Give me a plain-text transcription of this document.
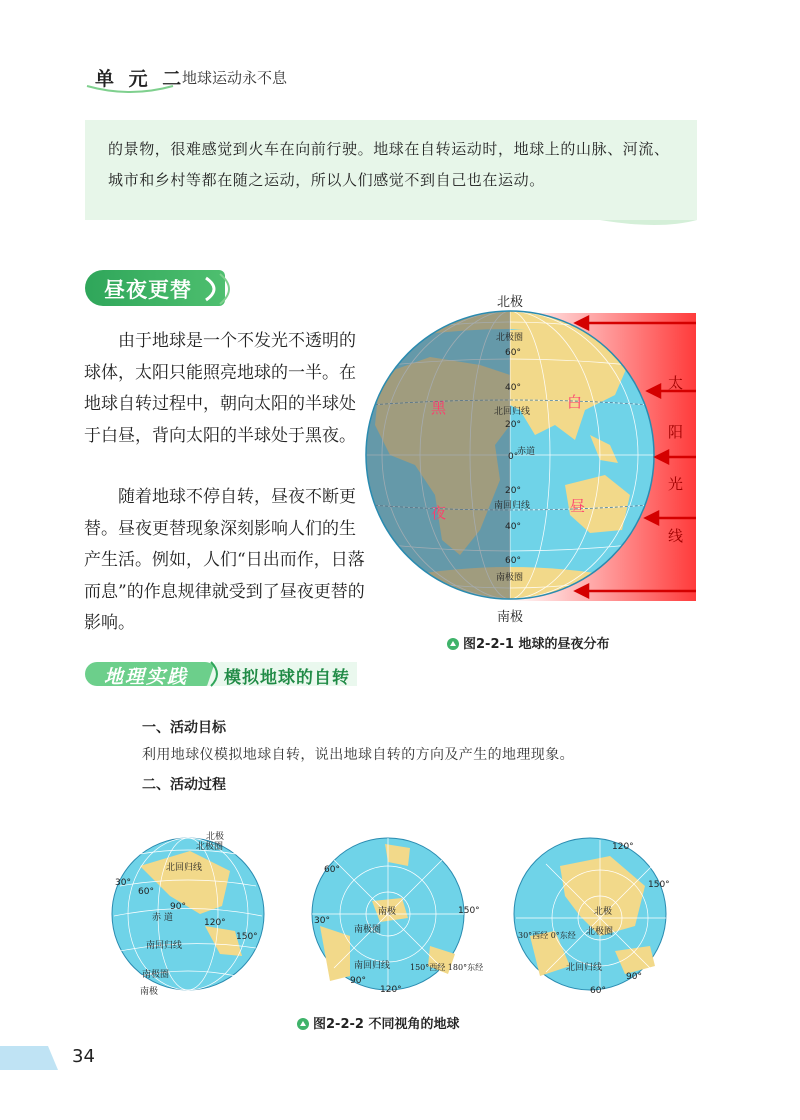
单 元 二
地球运动永不息
的景物，很难感觉到火车在向前行驶。地球在自转运动时，地球上的山脉、河流、城市和乡村等都在随之运动，所以人们感觉不到自己也在运动。
昼夜更替
　　由于地球是一个不发光不透明的球体，太阳只能照亮地球的一半。在地球自转过程中，朝向太阳的半球处于白昼，背向太阳的半球处于黑夜。
　　随着地球不停自转，昼夜不断更替。昼夜更替现象深刻影响人们的生产生活。例如，人们“日出而作，日落而息”的作息规律就受到了昼夜更替的影响。
北极
南极
北极圈
60°
40°
北回归线
20°
0°
赤道
20°
南回归线
40°
60°
南极圈
黑
夜
白
昼
太
阳
光
线
图2-2-1 地球的昼夜分布
地理实践 模拟地球的自转
一、活动目标
利用地球仪模拟地球自转，说出地球自转的方向及产生的地理现象。
二、活动过程
北极
北极圈
北回归线
30°
60°
90°
120°
150°
赤 道
南回归线
南极圈
南极
南极
南极圈
南回归线 150°西经 180°东经
120°
90°
30°
60°
150°	北极
北极圈
北回归线
30°西经 0°东经
60°
90°
120°
150°
图2-2-2 不同视角的地球
34
